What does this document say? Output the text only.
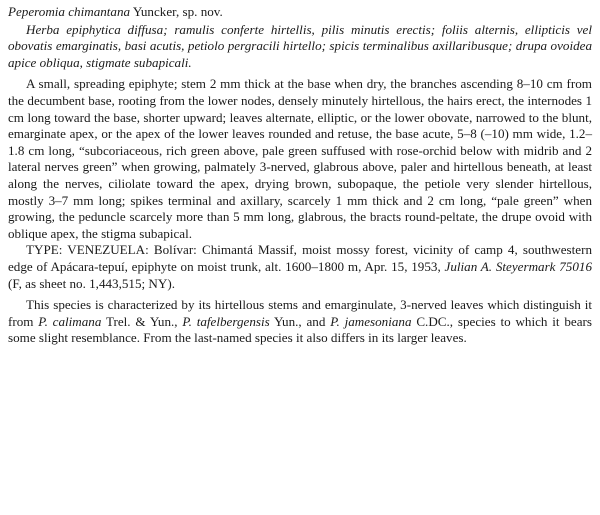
Peperomia chimantana Yuncker, sp. nov.

Herba epiphytica diffusa; ramulis conferte hirtellis, pilis minutis erectis; foliis alternis, ellipticis vel obovatis emarginatis, basi acutis, petiolo pergracili hirtello; spicis terminalibus axillaribusque; drupa ovoidea apice obliqua, stigmate subapicali.

A small, spreading epiphyte; stem 2 mm thick at the base when dry, the branches ascending 8–10 cm from the decumbent base, rooting from the lower nodes, densely minutely hirtellous, the hairs erect, the internodes 1 cm long toward the base, shorter upward; leaves alternate, elliptic, or the lower obovate, narrowed to the blunt, emarginate apex, or the apex of the lower leaves rounded and retuse, the base acute, 5–8 (–10) mm wide, 1.2–1.8 cm long, “subcoriaceous, rich green above, pale green suffused with rose-orchid below with midrib and 2 lateral nerves green” when growing, palmately 3-nerved, glabrous above, paler and hirtellous beneath, at least along the nerves, ciliolate toward the apex, drying brown, subopaque, the petiole very slender hirtellous, mostly 3–7 mm long; spikes terminal and axillary, scarcely 1 mm thick and 2 cm long, “pale green” when growing, the peduncle scarcely more than 5 mm long, glabrous, the bracts round-peltate, the drupe ovoid with oblique apex, the stigma subapical.

TYPE: VENEZUELA: Bolívar: Chimantá Massif, moist mossy forest, vicinity of camp 4, southwestern edge of Apácara-tepuí, epiphyte on moist trunk, alt. 1600–1800 m, Apr. 15, 1953, Julian A. Steyermark 75016 (F, as sheet no. 1,443,515; NY).

This species is characterized by its hirtellous stems and emarginulate, 3-nerved leaves which distinguish it from P. calimana Trel. & Yun., P. tafelbergensis Yun., and P. jamesoniana C.DC., species to which it bears some slight resemblance. From the last-named species it also differs in its larger leaves.
